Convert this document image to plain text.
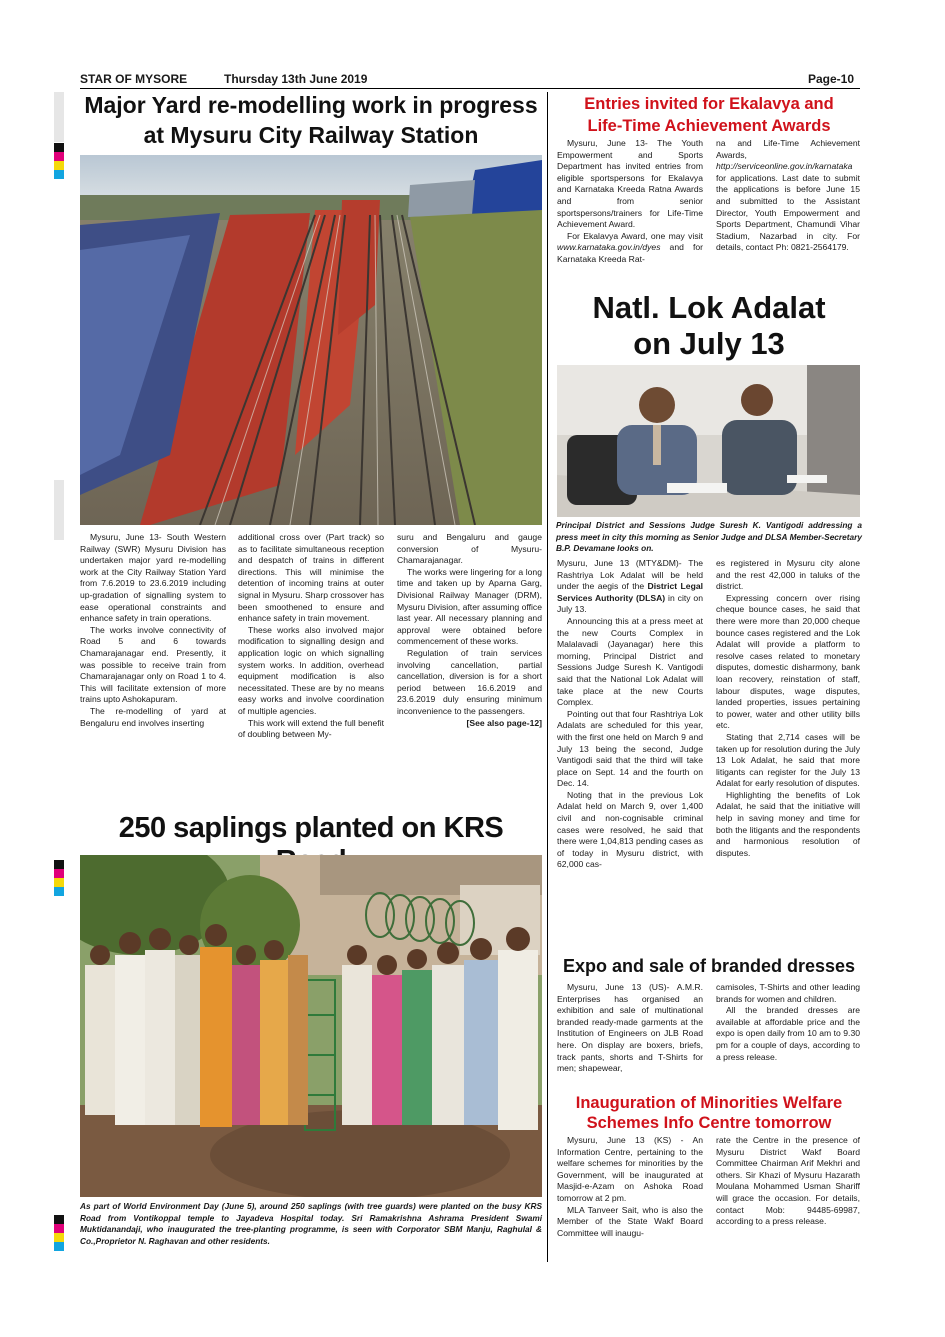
STAR OF MYSORE	Thursday 13th June 2019	Page-10
Major Yard re-modelling work in progress
at Mysuru City Railway Station

Mysuru, June 13- South Western Railway (SWR) Mysuru Division has undertaken major yard re-modelling work at the City Railway Station Yard from 7.6.2019 to 23.6.2019 including up-gradation of signalling system to ease operational constraints and enhance safety in train operations.

The works involve connectivity of Road 5 and 6 towards Chamarajanagar end. Presently, it was possible to receive train from Chamarajanagar only on Road 1 to 4. This will facilitate extension of more trains upto Ashokapuram.

The re-modelling of yard at Bengaluru end involves inserting

additional cross over (Part track) so as to facilitate simultaneous reception and despatch of trains in different directions. This will minimise the detention of incoming trains at outer signal in Mysuru. Sharp crossover has been smoothened to ensure and enhance safety in train movement.

These works also involved major modification to signalling design and application logic on which signalling system works. In addition, overhead equipment modification is also necessitated. These are by no means easy works and involve coordination of multiple agencies.

This work will extend the full benefit of doubling between My-

suru and Bengaluru and gauge conversion of Mysuru- Chamarajanagar.

The works were lingering for a long time and taken up by Aparna Garg, Divisional Railway Manager (DRM), Mysuru Division, after assuming office last year. All necessary planning and approval were obtained before commencement of these works.

Regulation of train services involving cancellation, partial cancellation, diversion is for a short period between 16.6.2019 and 23.6.2019 duly ensuring minimum inconvenience to the passengers.

[See also page-12]
250 saplings planted on KRS
As part of World Environment Day (June 5), around 250 saplings (with tree guards) were planted on the busy KRS Road from Vontikoppal temple to Jayadeva Hospital today. Sri Ramakrishna Ashrama President Swami Muktidanandaji, who inaugurated the tree-planting programme, is seen with Corporator SBM Manju, Raghulal & Co.,Proprietor N. Raghavan and other residents.
Entries invited for Ekalavya and
Life-Time Achievement Awards

Mysuru, June 13- The Youth Empowerment and Sports Department has invited entries from eligible sportspersons for Ekalavya and Karnataka Kreeda Ratna Awards and from senior sportspersons/trainers for Life-Time Achievement Award.

For Ekalavya Award, one may visit www.karnataka.gov.in/dyes and for Karnataka Kreeda Rat-

na and Life-Time Achievement Awards, http://serviceonline.gov.in/karnataka for applications. Last date to submit the applications is before June 15 and submitted to the Assistant Director, Youth Empowerment and Sports Department, Chamundi Vihar Stadium, Nazarbad in city. For details, contact Ph: 0821-2564179.

Natl. Lok Adalat
on July 13
Principal District and Sessions Judge Suresh K. Vantigodi addressing a press meet in city this morning as Senior Judge and DLSA Member-Secretary B.P. Devamane looks on.

Mysuru, June 13 (MTY&DM)- The Rashtriya Lok Adalat will be held under the aegis of the District Legal Services Authority (DLSA) in city on July 13.

Announcing this at a press meet at the new Courts Complex in Malalavadi (Jayanagar) here this morning, Principal District and Sessions Judge Suresh K. Vantigodi said that the National Lok Adalat will take place at the new Courts Complex.

Pointing out that four Rashtriya Lok Adalats are scheduled for this year, with the first one held on March 9 and July 13 being the second, Judge Vantigodi said that the third will take place on Sept. 14 and the fourth on Dec. 14.

Noting that in the previous Lok Adalat held on March 9, over 1,400 civil and non-cognisable criminal cases were resolved, he said that there were 1,04,813 pending cases as of today in Mysuru district, with 62,000 cas-

es registered in Mysuru city alone and the rest 42,000 in taluks of the district.

Expressing concern over rising cheque bounce cases, he said that there were more than 20,000 cheque bounce cases registered and the Lok Adalat will provide a platform to resolve cases related to monetary disputes, domestic disharmony, bank loan recovery, reinstation of staff, labour disputes, wage disputes, landed properties, issues pertaining to power, water and other utility bills etc.

Stating that 2,714 cases will be taken up for resolution during the July 13 Lok Adalat, he said that more litigants can register for the July 13 Adalat for early resolution of disputes.

Highlighting the benefits of Lok Adalat, he said that the initiative will help in saving money and time for both the litigants and the respondents and harmonious resolution of disputes.

Expo and sale of branded dresses

Mysuru, June 13 (US)- A.M.R. Enterprises has organised an exhibition and sale of multinational branded ready-made garments at the Institution of Engineers on JLB Road here. On display are boxers, briefs, track pants, shorts and T-Shirts for men; shapewear,

camisoles, T-Shirts and other leading brands for women and children.

All the branded dresses are available at affordable price and the expo is open daily from 10 am to 9.30 pm for a couple of days, according to a press release.

Inauguration of Minorities Welfare
Schemes Info Centre tomorrow

Mysuru, June 13 (KS) - An Information Centre, pertaining to the welfare schemes for minorities by the Government, will be inaugurated at Masjid-e-Azam on Ashoka Road tomorrow at 2 pm.

MLA Tanveer Sait, who is also the Member of the State Wakf Board Committee will inaugu-

rate the Centre in the presence of Mysuru District Wakf Board Committee Chairman Arif Mekhri and others. Sir Khazi of Mysuru Hazarath Moulana Mohammed Usman Shariff will grace the occasion. For details, contact Mob: 94485-69987, according to a press release.
